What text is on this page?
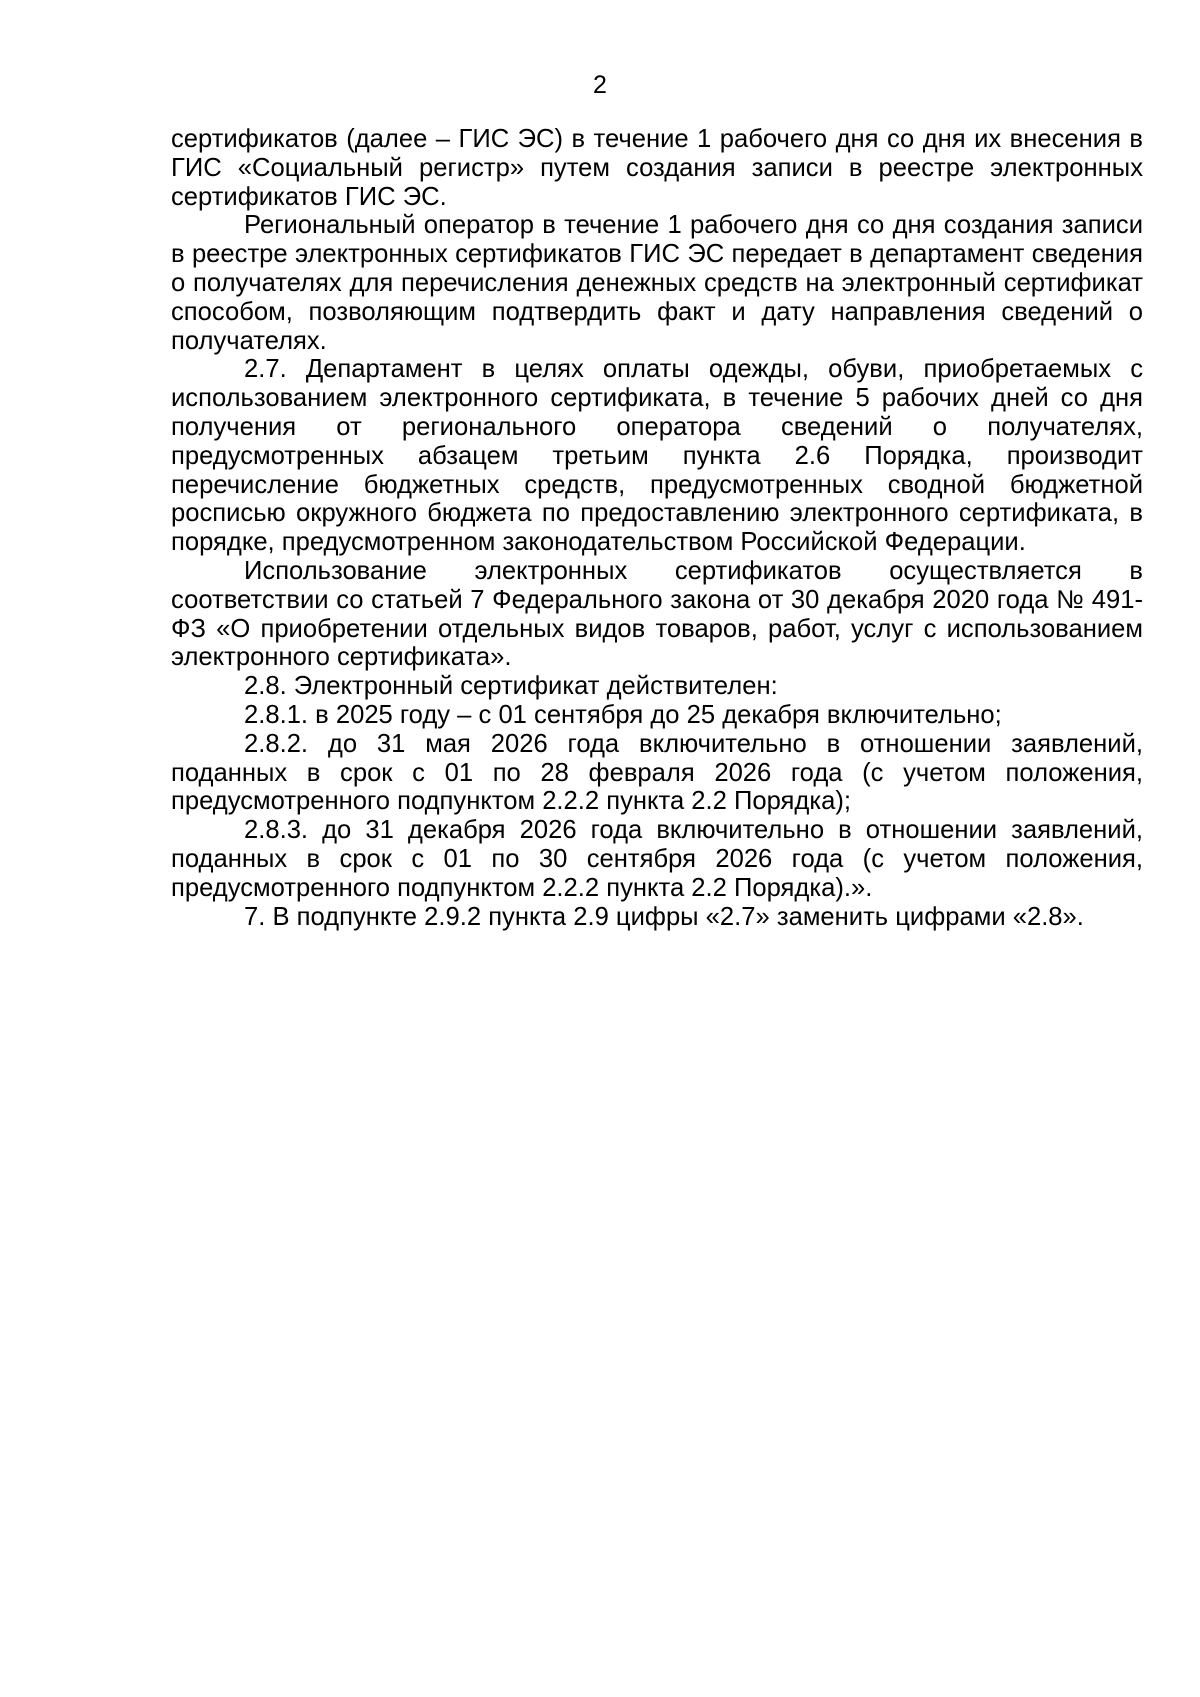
2

сертификатов (далее – ГИС ЭС) в течение 1 рабочего дня со дня их внесения в ГИС «Социальный регистр» путем создания записи в реестре электронных сертификатов ГИС ЭС.

Региональный оператор в течение 1 рабочего дня со дня создания записи в реестре электронных сертификатов ГИС ЭС передает в департамент сведения о получателях для перечисления денежных средств на электронный сертификат способом, позволяющим подтвердить факт и дату направления сведений о получателях.

2.7. Департамент в целях оплаты одежды, обуви, приобретаемых с использованием электронного сертификата, в течение 5 рабочих дней со дня получения от регионального оператора сведений о получателях, предусмотренных абзацем третьим пункта 2.6 Порядка, производит перечисление бюджетных средств, предусмотренных сводной бюджетной росписью окружного бюджета по предоставлению электронного сертификата, в порядке, предусмотренном законодательством Российской Федерации.

Использование электронных сертификатов осуществляется в соответствии со статьей 7 Федерального закона от 30 декабря 2020 года № 491-ФЗ «О приобретении отдельных видов товаров, работ, услуг с использованием электронного сертификата».

2.8. Электронный сертификат действителен:

2.8.1. в 2025 году – с 01 сентября до 25 декабря включительно;

2.8.2. до 31 мая 2026 года включительно в отношении заявлений, поданных в срок с 01 по 28 февраля 2026 года (с учетом положения, предусмотренного подпунктом 2.2.2 пункта 2.2 Порядка);

2.8.3. до 31 декабря 2026 года включительно в отношении заявлений, поданных в срок с 01 по 30 сентября 2026 года (с учетом положения, предусмотренного подпунктом 2.2.2 пункта 2.2 Порядка).».

7. В подпункте 2.9.2 пункта 2.9 цифры «2.7» заменить цифрами «2.8».
